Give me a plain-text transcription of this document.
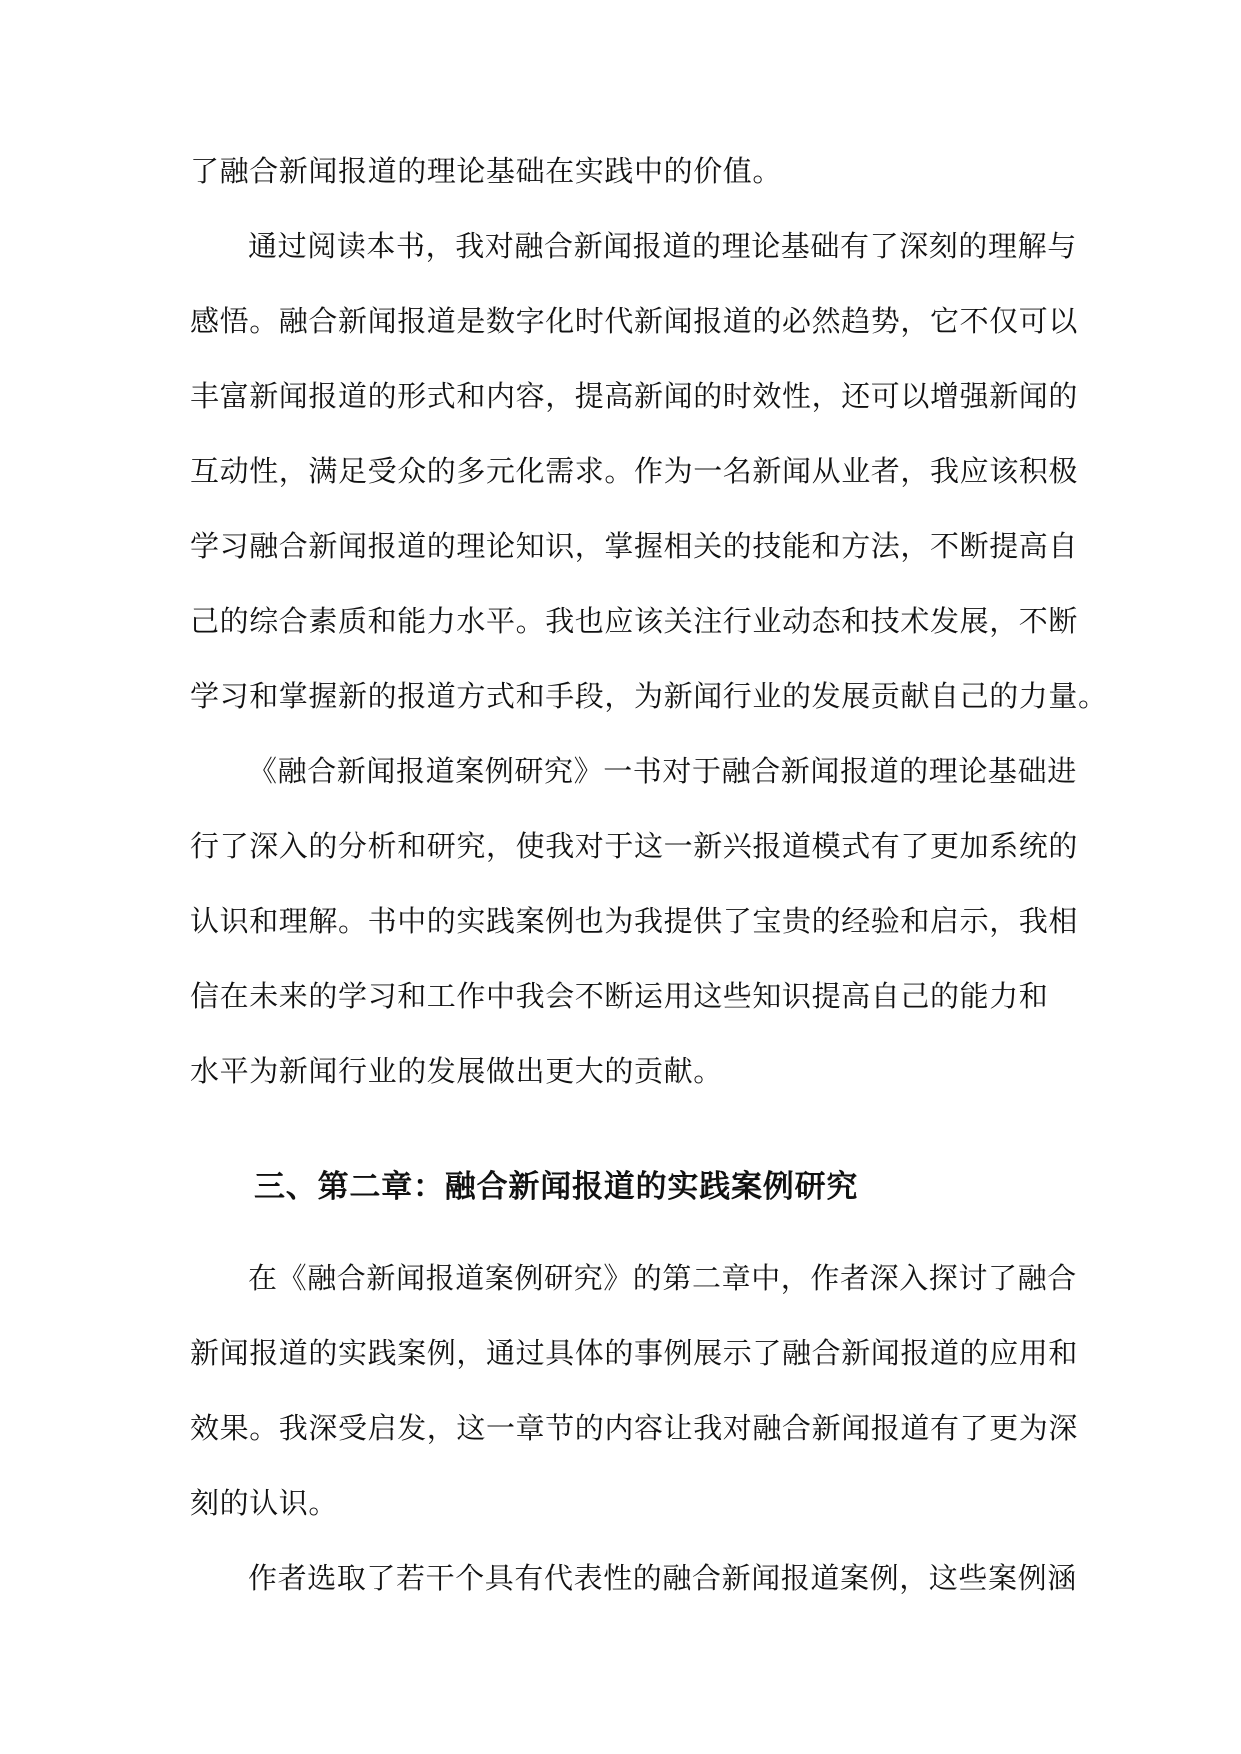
了融合新闻报道的理论基础在实践中的价值。
通过阅读本书，我对融合新闻报道的理论基础有了深刻的理解与
感悟。融合新闻报道是数字化时代新闻报道的必然趋势，它不仅可以
丰富新闻报道的形式和内容，提高新闻的时效性，还可以增强新闻的
互动性，满足受众的多元化需求。作为一名新闻从业者，我应该积极
学习融合新闻报道的理论知识，掌握相关的技能和方法，不断提高自
己的综合素质和能力水平。我也应该关注行业动态和技术发展，不断
学习和掌握新的报道方式和手段，为新闻行业的发展贡献自己的力量。
《融合新闻报道案例研究》一书对于融合新闻报道的理论基础进
行了深入的分析和研究，使我对于这一新兴报道模式有了更加系统的
认识和理解。书中的实践案例也为我提供了宝贵的经验和启示，我相
信在未来的学习和工作中我会不断运用这些知识提高自己的能力和
水平为新闻行业的发展做出更大的贡献。
三、第二章：融合新闻报道的实践案例研究
在《融合新闻报道案例研究》的第二章中，作者深入探讨了融合
新闻报道的实践案例，通过具体的事例展示了融合新闻报道的应用和
效果。我深受启发，这一章节的内容让我对融合新闻报道有了更为深
刻的认识。
作者选取了若干个具有代表性的融合新闻报道案例，这些案例涵
